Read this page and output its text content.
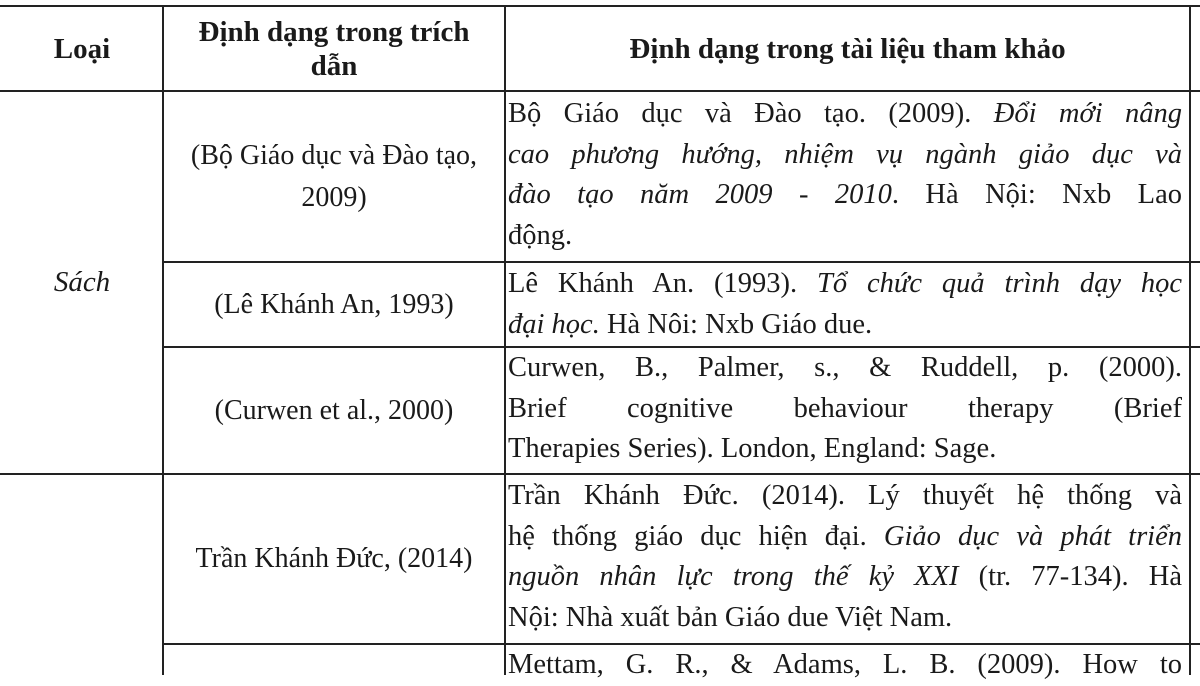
Loại
Định dạng trong trích dẫn
Định dạng trong tài liệu tham khảo
Sách
(Bộ Giáo dục và Đào tạo, 2009)
(Lê Khánh An, 1993)
(Curwen et al., 2000)
Trần Khánh Đức, (2014)
Bộ Giáo dục và Đào tạo. (2009). Đổi mới nâng
cao phương hướng, nhiệm vụ ngành giảo dục và
đào tạo năm 2009 - 2010. Hà Nội: Nxb Lao
động.
Lê Khánh An. (1993). Tổ chức quả trình dạy học
đại học. Hà Nôi: Nxb Giáo due.
Curwen, B., Palmer, s., & Ruddell, p. (2000).
Brief cognitive behaviour therapy (Brief
Therapies Series). London, England: Sage.
Trần Khánh Đức. (2014). Lý thuyết hệ thống và
hệ thống giáo dục hiện đại. Giảo dục và phát triển
nguồn nhân lực trong thế kỷ XXI (tr. 77-134). Hà
Nội: Nhà xuất bản Giáo due Việt Nam.
Mettam, G. R., & Adams, L. B. (2009). How to
